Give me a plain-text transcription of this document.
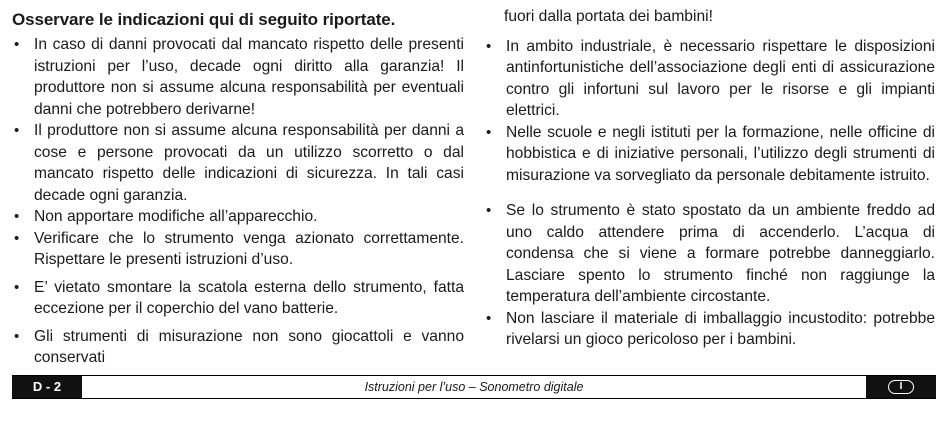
Osservare le indicazioni qui di seguito riportate.
• In caso di danni provocati dal mancato rispetto delle presenti istruzioni per l’uso, decade ogni diritto alla garanzia! Il produttore non si assume alcuna responsabilità per eventuali danni che potrebbero derivarne!
• Il produttore non si assume alcuna responsabilità per danni a cose e persone provocati da un utilizzo scorretto o dal mancato rispetto delle indicazioni di sicurezza. In tali casi decade ogni garanzia.
• Non apportare modifiche all’apparecchio.
• Verificare che lo strumento venga azionato correttamente. Rispettare le presenti istruzioni d’uso.
• E’ vietato smontare la scatola esterna dello strumento, fatta eccezione per il coperchio del vano batterie.
• Gli strumenti di misurazione non sono giocattoli e vanno conservati
fuori dalla portata dei bambini!
• In ambito industriale, è necessario rispettare le disposizioni antinfortunistiche dell’associazione degli enti di assicurazione contro gli infortuni sul lavoro per le risorse e gli impianti elettrici.
• Nelle scuole e negli istituti per la formazione, nelle officine di hobbistica e di iniziative personali, l’utilizzo degli strumenti di misurazione va sorvegliato da personale debitamente istruito.
• Se lo strumento è stato spostato da un ambiente freddo ad uno caldo attendere prima di accenderlo. L’acqua di condensa che si viene a formare potrebbe danneggiarlo. Lasciare spento lo strumento finché non raggiunge la temperatura dell’ambiente circostante.
• Non lasciare il materiale di imballaggio incustodito: potrebbe rivelarsi un gioco pericoloso per i bambini.
D - 2	Istruzioni per l’uso – Sonometro digitale	I
